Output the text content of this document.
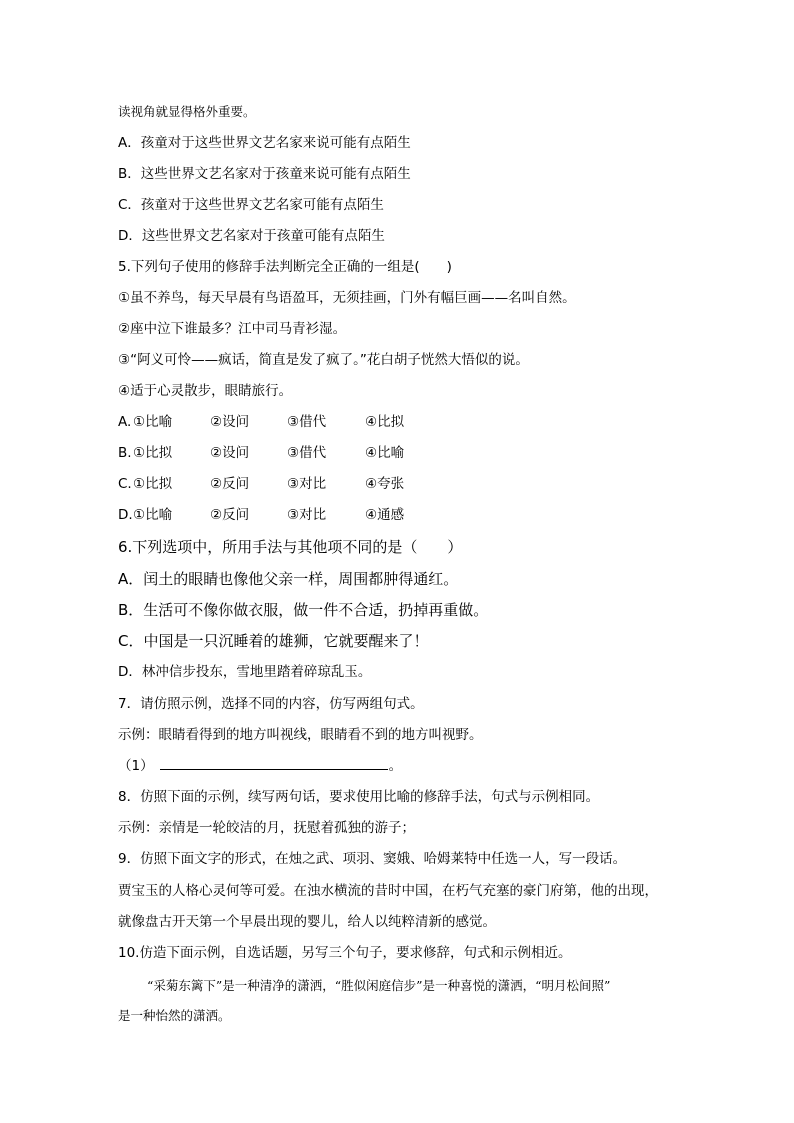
读视角就显得格外重要。
A．孩童对于这些世界文艺名家来说可能有点陌生
B．这些世界文艺名家对于孩童来说可能有点陌生
C．孩童对于这些世界文艺名家可能有点陌生
D．这些世界文艺名家对于孩童可能有点陌生
5.下列句子使用的修辞手法判断完全正确的一组是(　　)
①虽不养鸟，每天早晨有鸟语盈耳，无须挂画，门外有幅巨画——名叫自然。
②座中泣下谁最多？江中司马青衫湿。
③“阿义可怜——疯话，简直是发了疯了。”花白胡子恍然大悟似的说。
④适于心灵散步，眼睛旅行。
A. ①比喻	②设问	③借代	④比拟
B. ①比拟	②设问	③借代	④比喻
C. ①比拟	②反问	③对比	④夸张
D. ①比喻	②反问	③对比	④通感
6.下列选项中，所用手法与其他项不同的是（　　）
A．闰土的眼睛也像他父亲一样，周围都肿得通红。
B．生活可不像你做衣服，做一件不合适，扔掉再重做。
C．中国是一只沉睡着的雄狮，它就要醒来了！
D．林冲信步投东，雪地里踏着碎琼乱玉。
7．请仿照示例，选择不同的内容，仿写两组句式。
示例：眼睛看得到的地方叫视线，眼睛看不到的地方叫视野。
（1）	。
8．仿照下面的示例，续写两句话，要求使用比喻的修辞手法，句式与示例相同。
示例：亲情是一轮皎洁的月，抚慰着孤独的游子；
9．仿照下面文字的形式，在烛之武、项羽、窦娥、哈姆莱特中任选一人，写一段话。
贾宝玉的人格心灵何等可爱。在浊水横流的昔时中国，在朽气充塞的豪门府第，他的出现，
就像盘古开天第一个早晨出现的婴儿，给人以纯粹清新的感觉。
10.仿造下面示例，自选话题，另写三个句子，要求修辞，句式和示例相近。
“采菊东篱下”是一种清净的潇洒，“胜似闲庭信步”是一种喜悦的潇洒，“明月松间照”
是一种怡然的潇洒。
